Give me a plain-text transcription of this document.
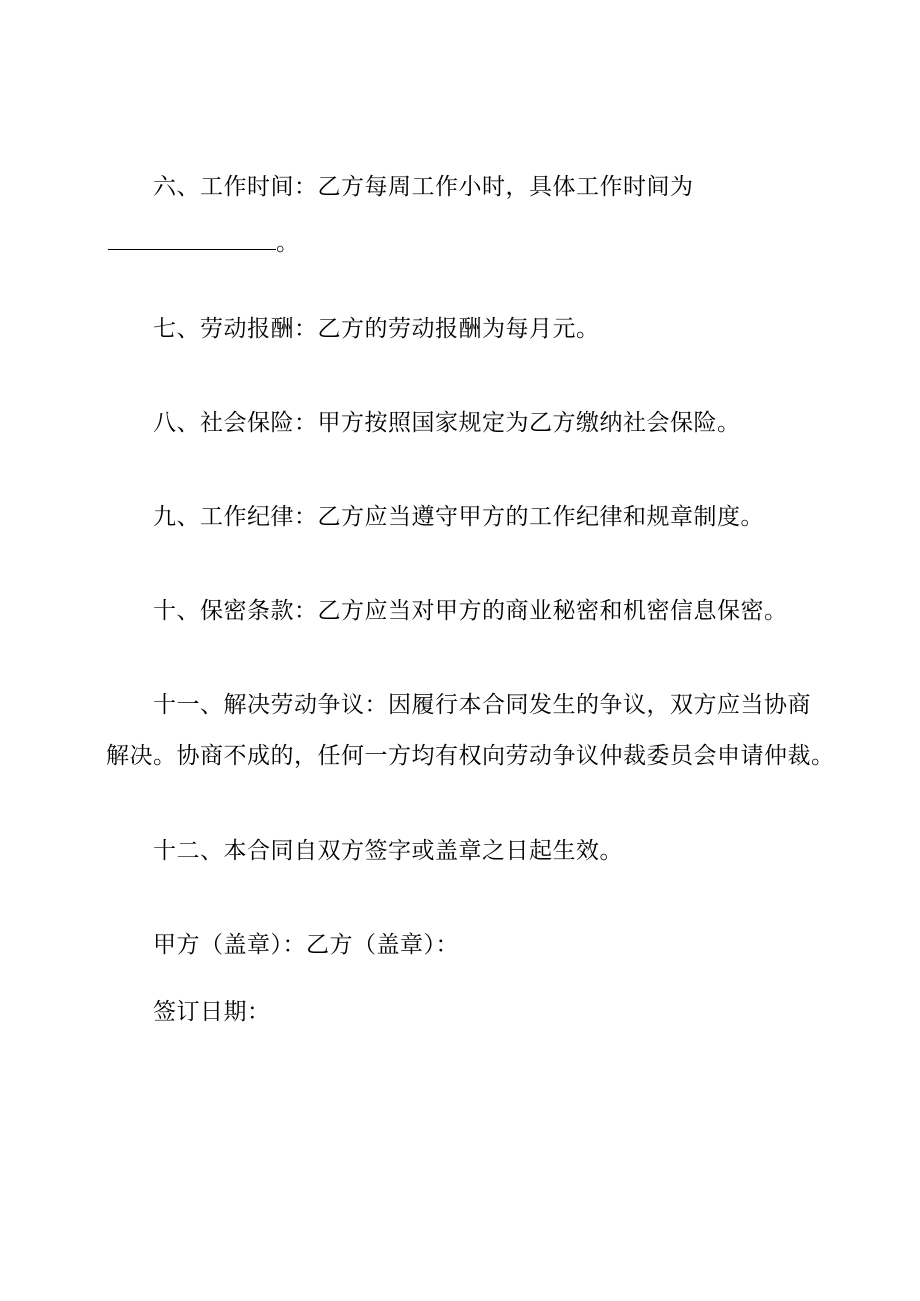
六、工作时间：乙方每周工作小时，具体工作时间为
。
七、劳动报酬：乙方的劳动报酬为每月元。
八、社会保险：甲方按照国家规定为乙方缴纳社会保险。
九、工作纪律：乙方应当遵守甲方的工作纪律和规章制度。
十、保密条款：乙方应当对甲方的商业秘密和机密信息保密。
十一、解决劳动争议：因履行本合同发生的争议，双方应当协商
解决。协商不成的，任何一方均有权向劳动争议仲裁委员会申请仲裁。
十二、本合同自双方签字或盖章之日起生效。
甲方（盖章）：乙方（盖章）：
签订日期：
